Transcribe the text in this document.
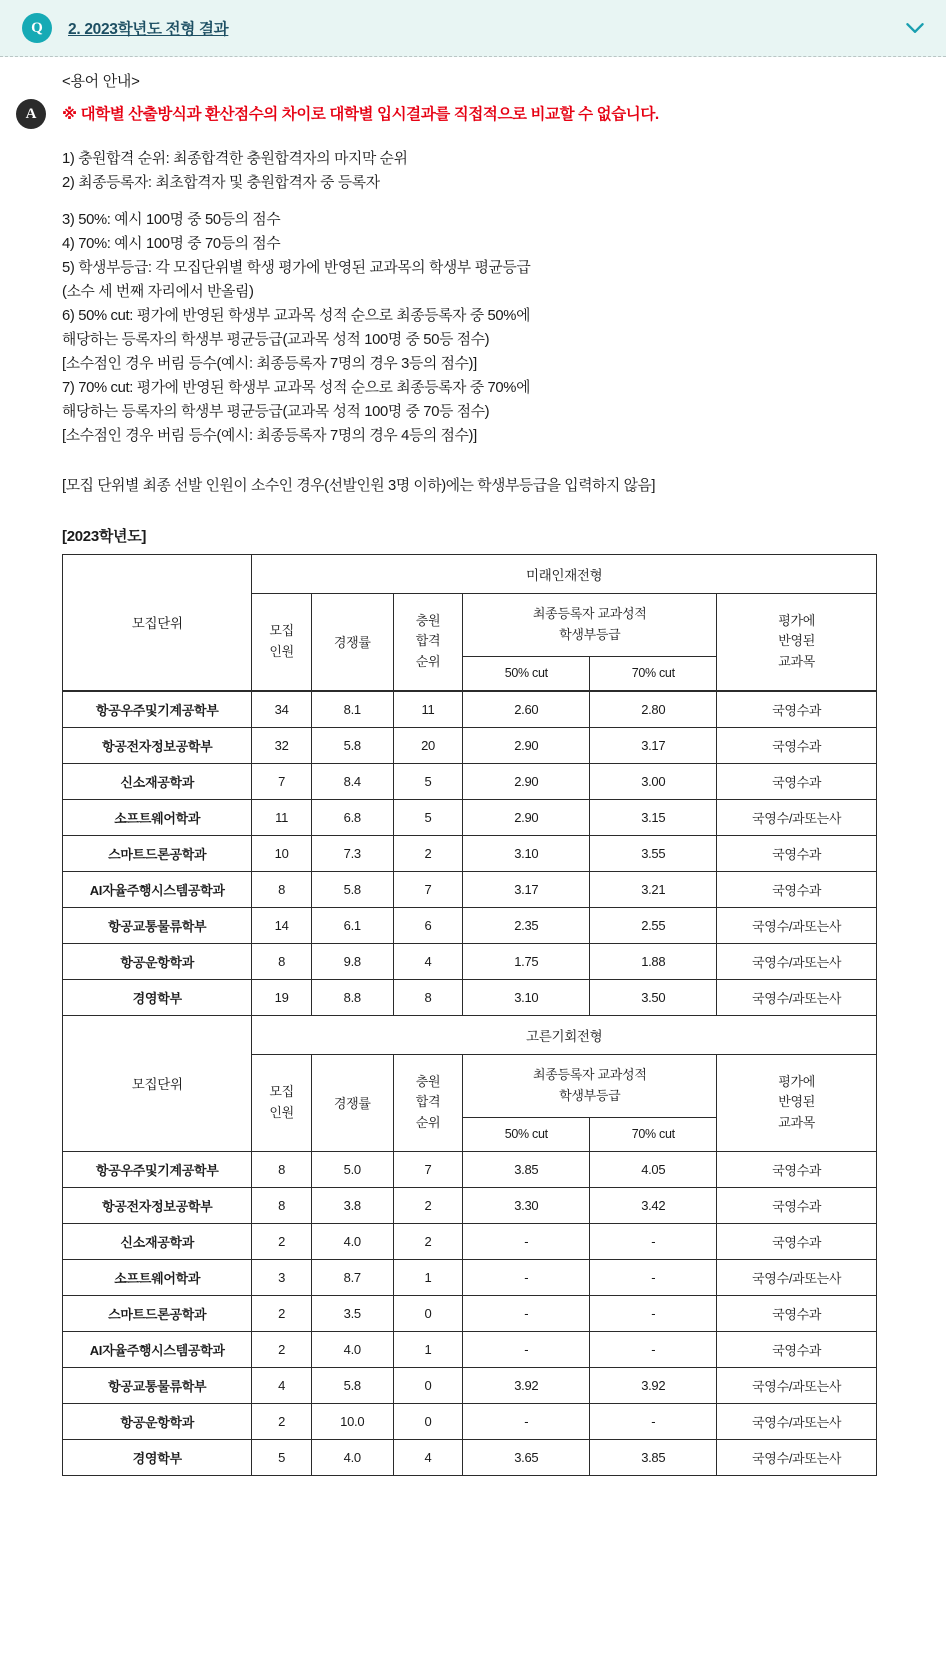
Q 2. 2023학년도 전형 결과
A

<용어 안내>

※ 대학별 산출방식과 환산점수의 차이로 대학별 입시결과를 직접적으로 비교할 수 없습니다.

1) 충원합격 순위: 최종합격한 충원합격자의 마지막 순위

2) 최종등록자: 최초합격자 및 충원합격자 중 등록자

3) 50%: 예시 100명 중 50등의 점수

4) 70%: 예시 100명 중 70등의 점수

5) 학생부등급: 각 모집단위별 학생 평가에 반영된 교과목의 학생부 평균등급

(소수 세 번째 자리에서 반올림)

6) 50% cut: 평가에 반영된 학생부 교과목 성적 순으로 최종등록자 중 50%에

해당하는 등록자의 학생부 평균등급(교과목 성적 100명 중 50등 점수)

[소수점인 경우 버림 등수(예시: 최종등록자 7명의 경우 3등의 점수)]

7) 70% cut: 평가에 반영된 학생부 교과목 성적 순으로 최종등록자 중 70%에

해당하는 등록자의 학생부 평균등급(교과목 성적 100명 중 70등 점수)

[소수점인 경우 버림 등수(예시: 최종등록자 7명의 경우 4등의 점수)]

[모집 단위별 최종 선발 인원이 소수인 경우(선발인원 3명 이하)에는 학생부등급을 입력하지 않음]

[2023학년도]

모집단위	미래인재전형					

	모집
인원	경쟁률	충원
합격
순위	최종등록자 교과성적
학생부등급		평가에
반영된
교과목

				50% cut	70% cut	
항공우주및기계공학부	34	8.1	11	2.60	2.80	국영수과
항공전자정보공학부	32	5.8	20	2.90	3.17	국영수과
신소재공학과	7	8.4	5	2.90	3.00	국영수과
소프트웨어학과	11	6.8	5	2.90	3.15	국영수/과또는사
스마트드론공학과	10	7.3	2	3.10	3.55	국영수과
AI자율주행시스템공학과	8	5.8	7	3.17	3.21	국영수과
항공교통물류학부	14	6.1	6	2.35	2.55	국영수/과또는사
항공운항학과	8	9.8	4	1.75	1.88	국영수/과또는사
경영학부	19	8.8	8	3.10	3.50	국영수/과또는사
모집단위	고른기회전형					

	모집
인원	경쟁률	충원
합격
순위	최종등록자 교과성적
학생부등급		평가에
반영된
교과목

				50% cut	70% cut	
항공우주및기계공학부	8	5.0	7	3.85	4.05	국영수과
항공전자정보공학부	8	3.8	2	3.30	3.42	국영수과
신소재공학과	2	4.0	2	-	-	국영수과
소프트웨어학과	3	8.7	1	-	-	국영수/과또는사
스마트드론공학과	2	3.5	0	-	-	국영수과
AI자율주행시스템공학과	2	4.0	1	-	-	국영수과
항공교통물류학부	4	5.8	0	3.92	3.92	국영수/과또는사
항공운항학과	2	10.0	0	-	-	국영수/과또는사
경영학부	5	4.0	4	3.65	3.85	국영수/과또는사
